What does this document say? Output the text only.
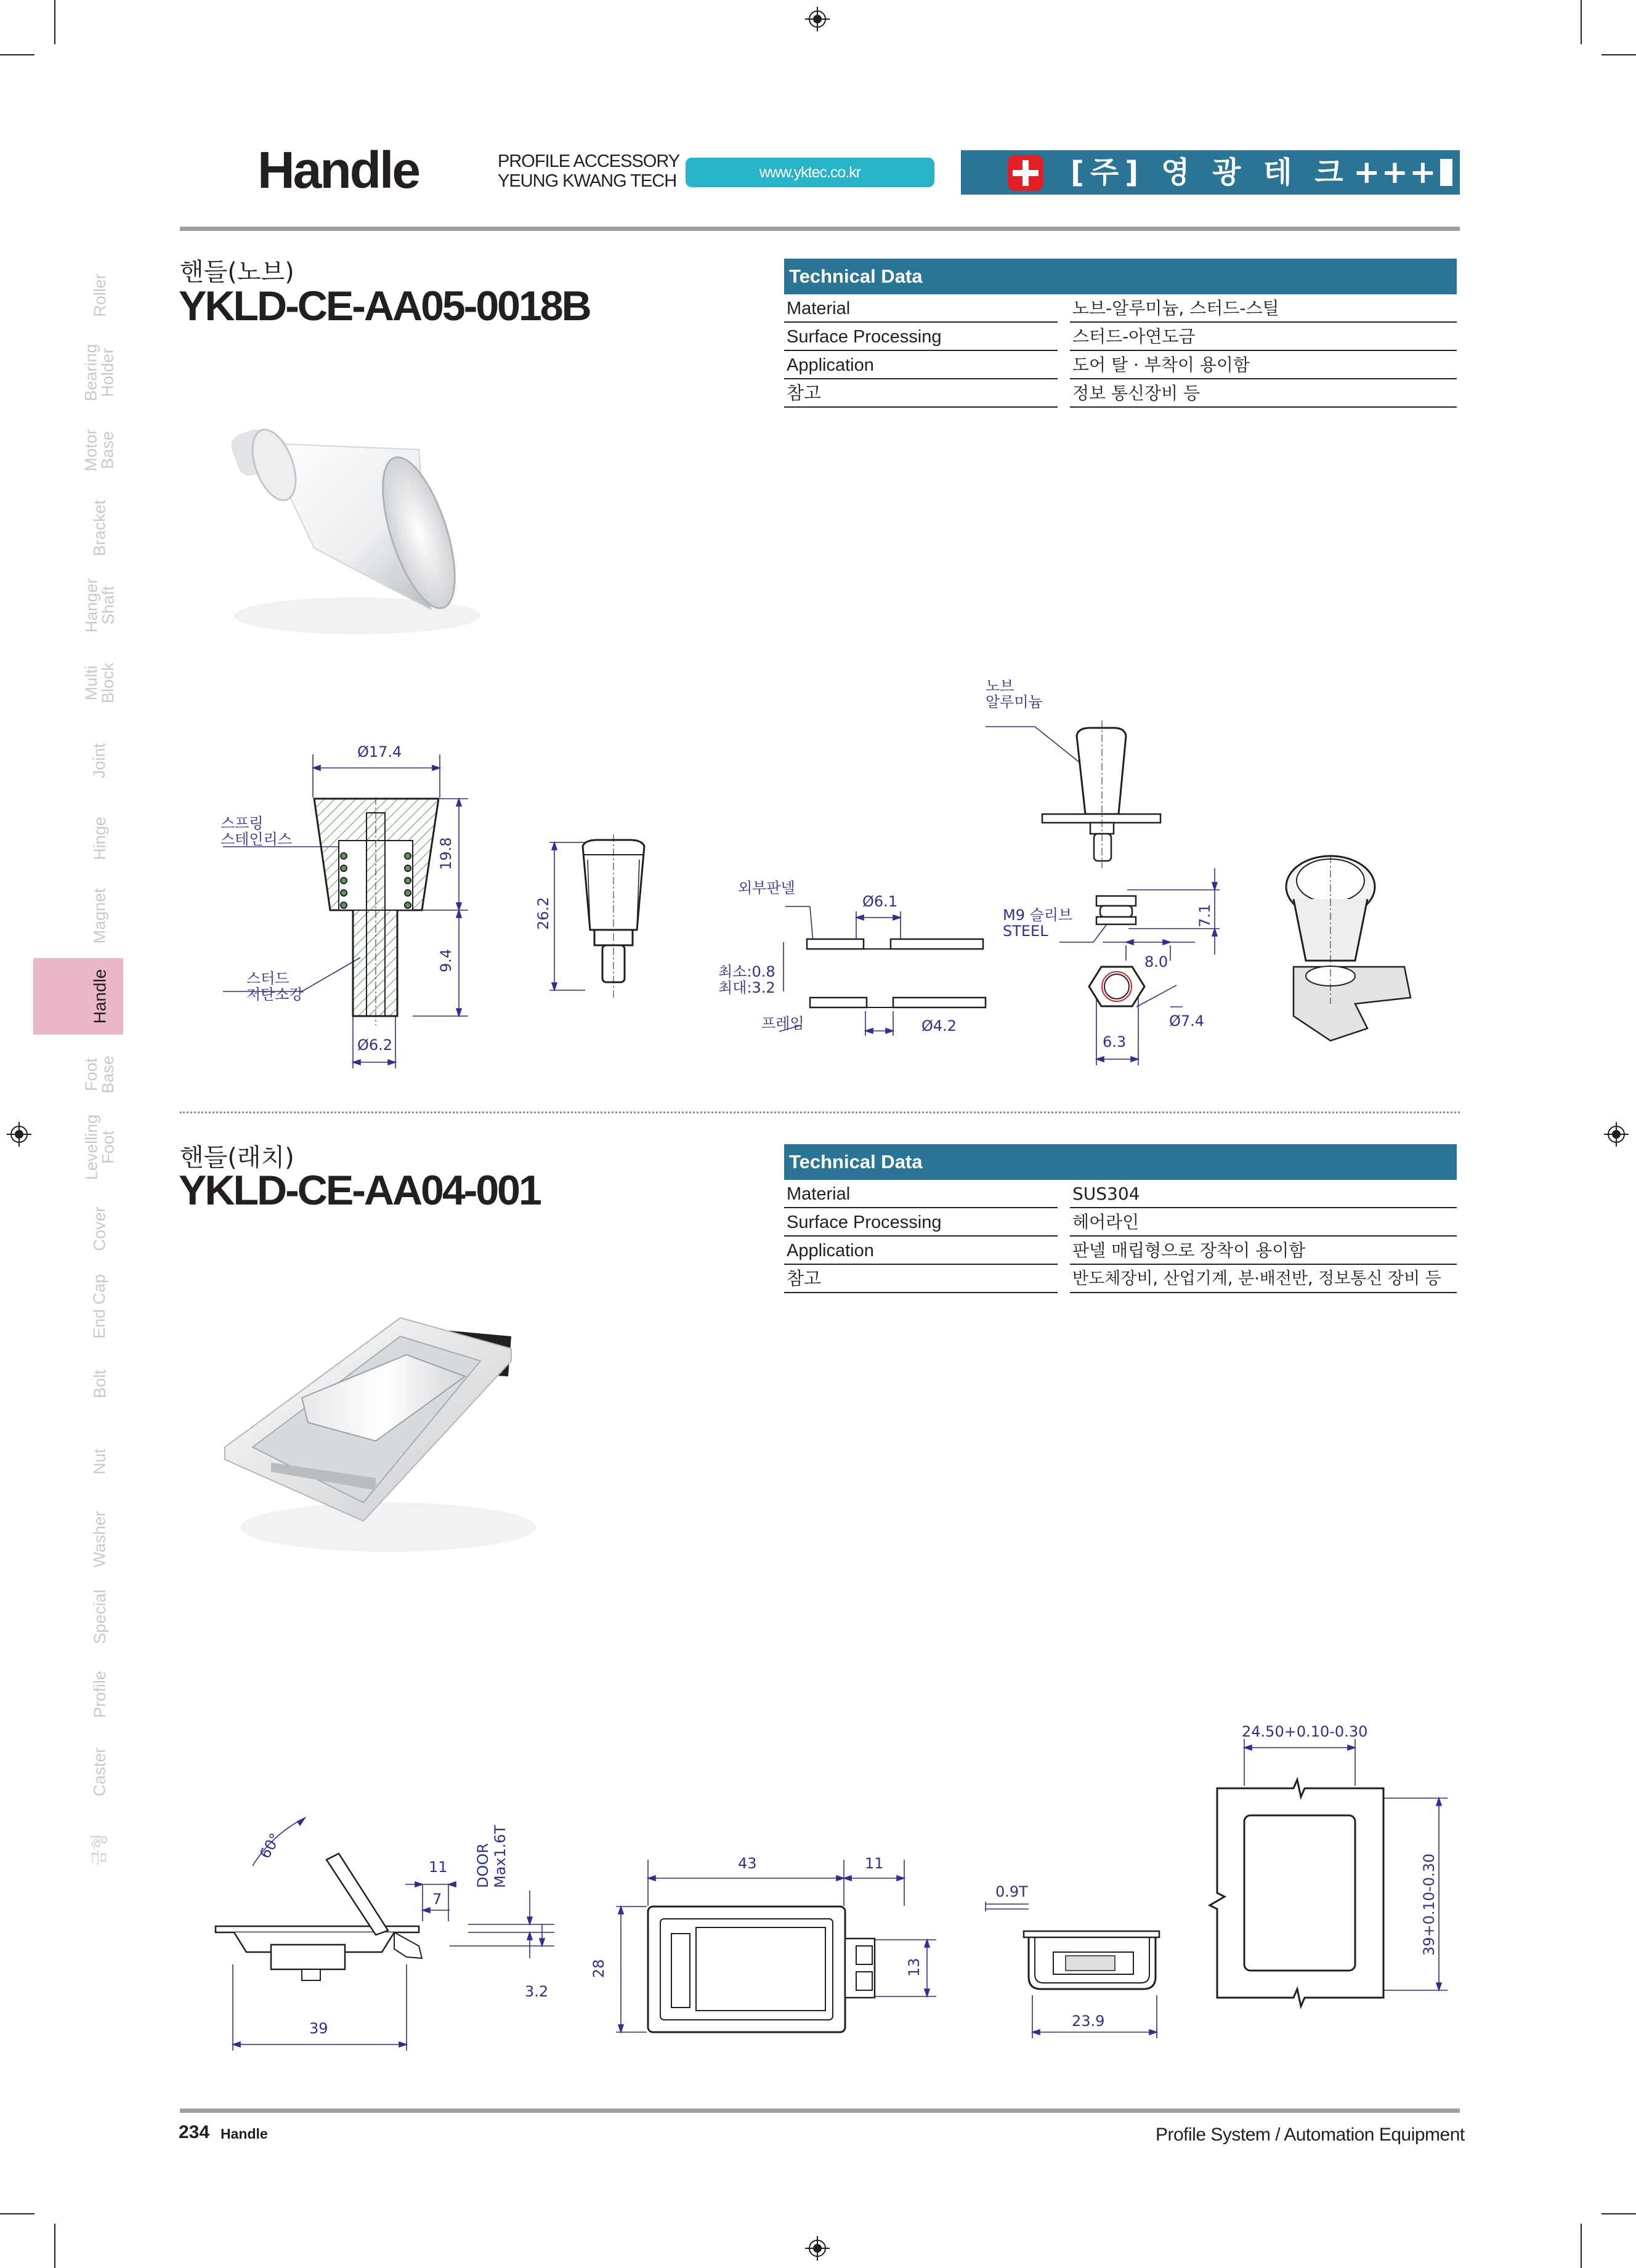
Handle	PROFILE ACCESSORY
YEUNG KWANG TECH	www.yktec.co.kr	[주] 영 광 테 크 +++
Roller
Bearing
Holder
Motor
Base
Bracket
Hanger
Shaft
Multi
Block
Joint
Hinge
Magnet
Handle
Foot
Base
Levelling
Foot
Cover
End Cap
Bolt
Nut
Washer
Special
Profile
Caster
금형
핸들(노브)
YKLD-CE-AA05-0018B
Technical Data
Material	노브-알루미늄, 스터드-스틸
Surface Processing	스터드-아연도금
Application	도어 탈 · 부착이 용이함
참고	정보 통신장비 등
Ø17.4
스프링
스테인리스
스터드
저탄소강
19.8
9.4
Ø6.2
26.2
외부판넬
Ø6.1
최소:0.8
최대:3.2
프레임	Ø4.2
노브
알루미늄
M9 슬리브
STEEL
7.1
8.0
Ø7.4
6.3
핸들(래치)
YKLD-CE-AA04-001
Technical Data
Material	SUS304
Surface Processing	헤어라인
Application	판넬 매립형으로 장착이 용이함
참고	반도체장비, 산업기계, 분·배전반, 정보통신 장비 등
60°
11
7
DOOR Max1.6T
3.2
39
43	11
28	13
0.9T
23.9
24.50+0.10-0.30
39+0.10-0.30
234 Handle	Profile System / Automation Equipment
